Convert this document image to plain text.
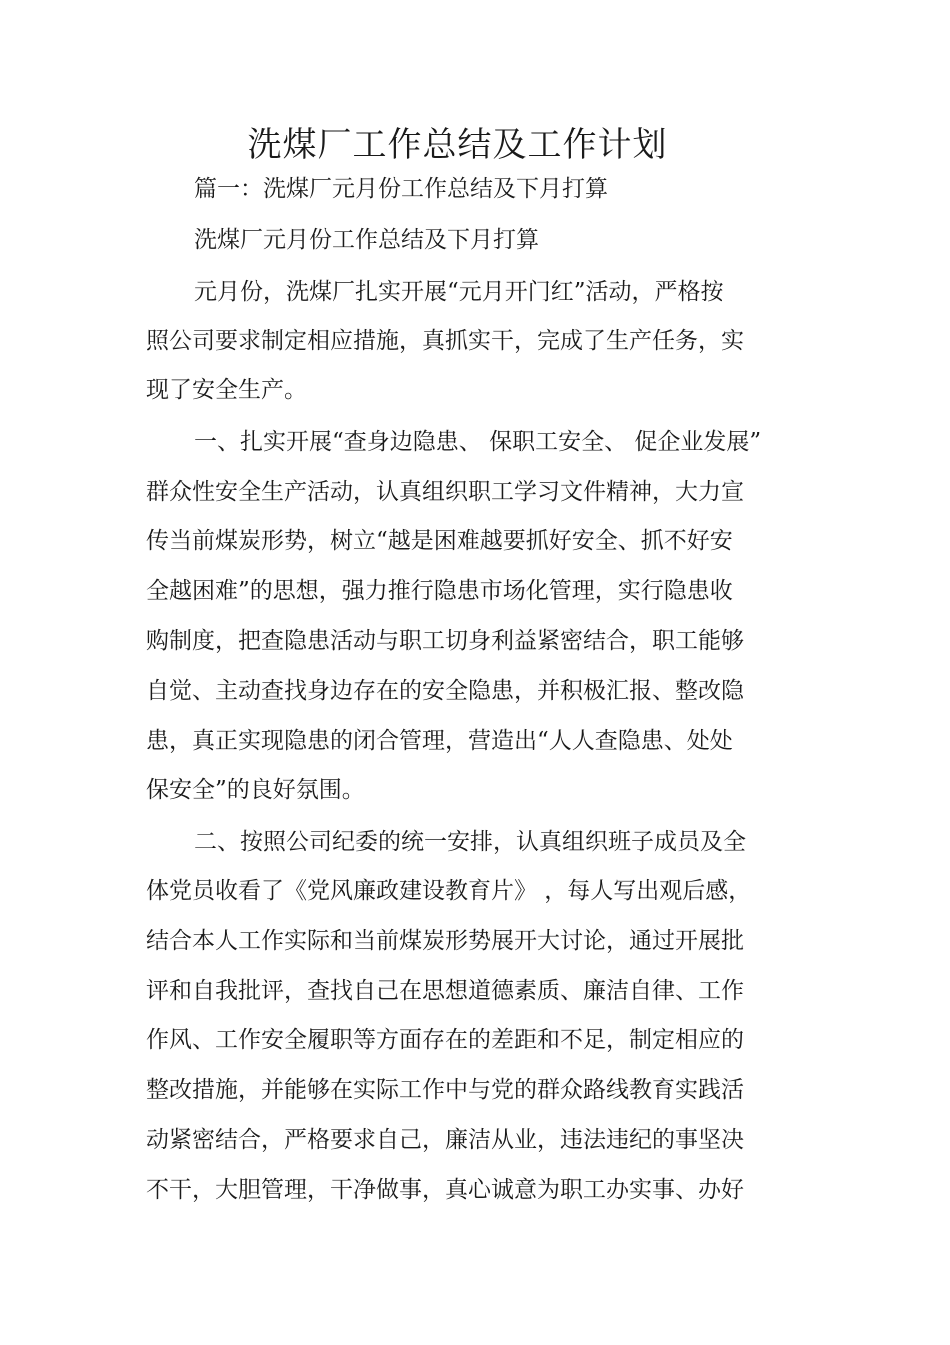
洗煤厂工作总结及工作计划

篇一：洗煤厂元月份工作总结及下月打算

洗煤厂元月份工作总结及下月打算

元月份，洗煤厂扎实开展“元月开门红”活动，严格按

照公司要求制定相应措施，真抓实干，完成了生产任务，实

现了安全生产。

一、扎实开展“查身边隐患、 保职工安全、 促企业发展”

群众性安全生产活动，认真组织职工学习文件精神，大力宣

传当前煤炭形势，树立“越是困难越要抓好安全、抓不好安

全越困难”的思想，强力推行隐患市场化管理，实行隐患收

购制度，把查隐患活动与职工切身利益紧密结合，职工能够

自觉、主动查找身边存在的安全隐患，并积极汇报、整改隐

患，真正实现隐患的闭合管理，营造出“人人查隐患、处处

保安全”的良好氛围。

二、按照公司纪委的统一安排，认真组织班子成员及全

体党员收看了《党风廉政建设教育片》 ，每人写出观后感，

结合本人工作实际和当前煤炭形势展开大讨论，通过开展批

评和自我批评，查找自己在思想道德素质、廉洁自律、工作

作风、工作安全履职等方面存在的差距和不足，制定相应的

整改措施，并能够在实际工作中与党的群众路线教育实践活

动紧密结合，严格要求自己，廉洁从业，违法违纪的事坚决

不干，大胆管理，干净做事，真心诚意为职工办实事、办好
